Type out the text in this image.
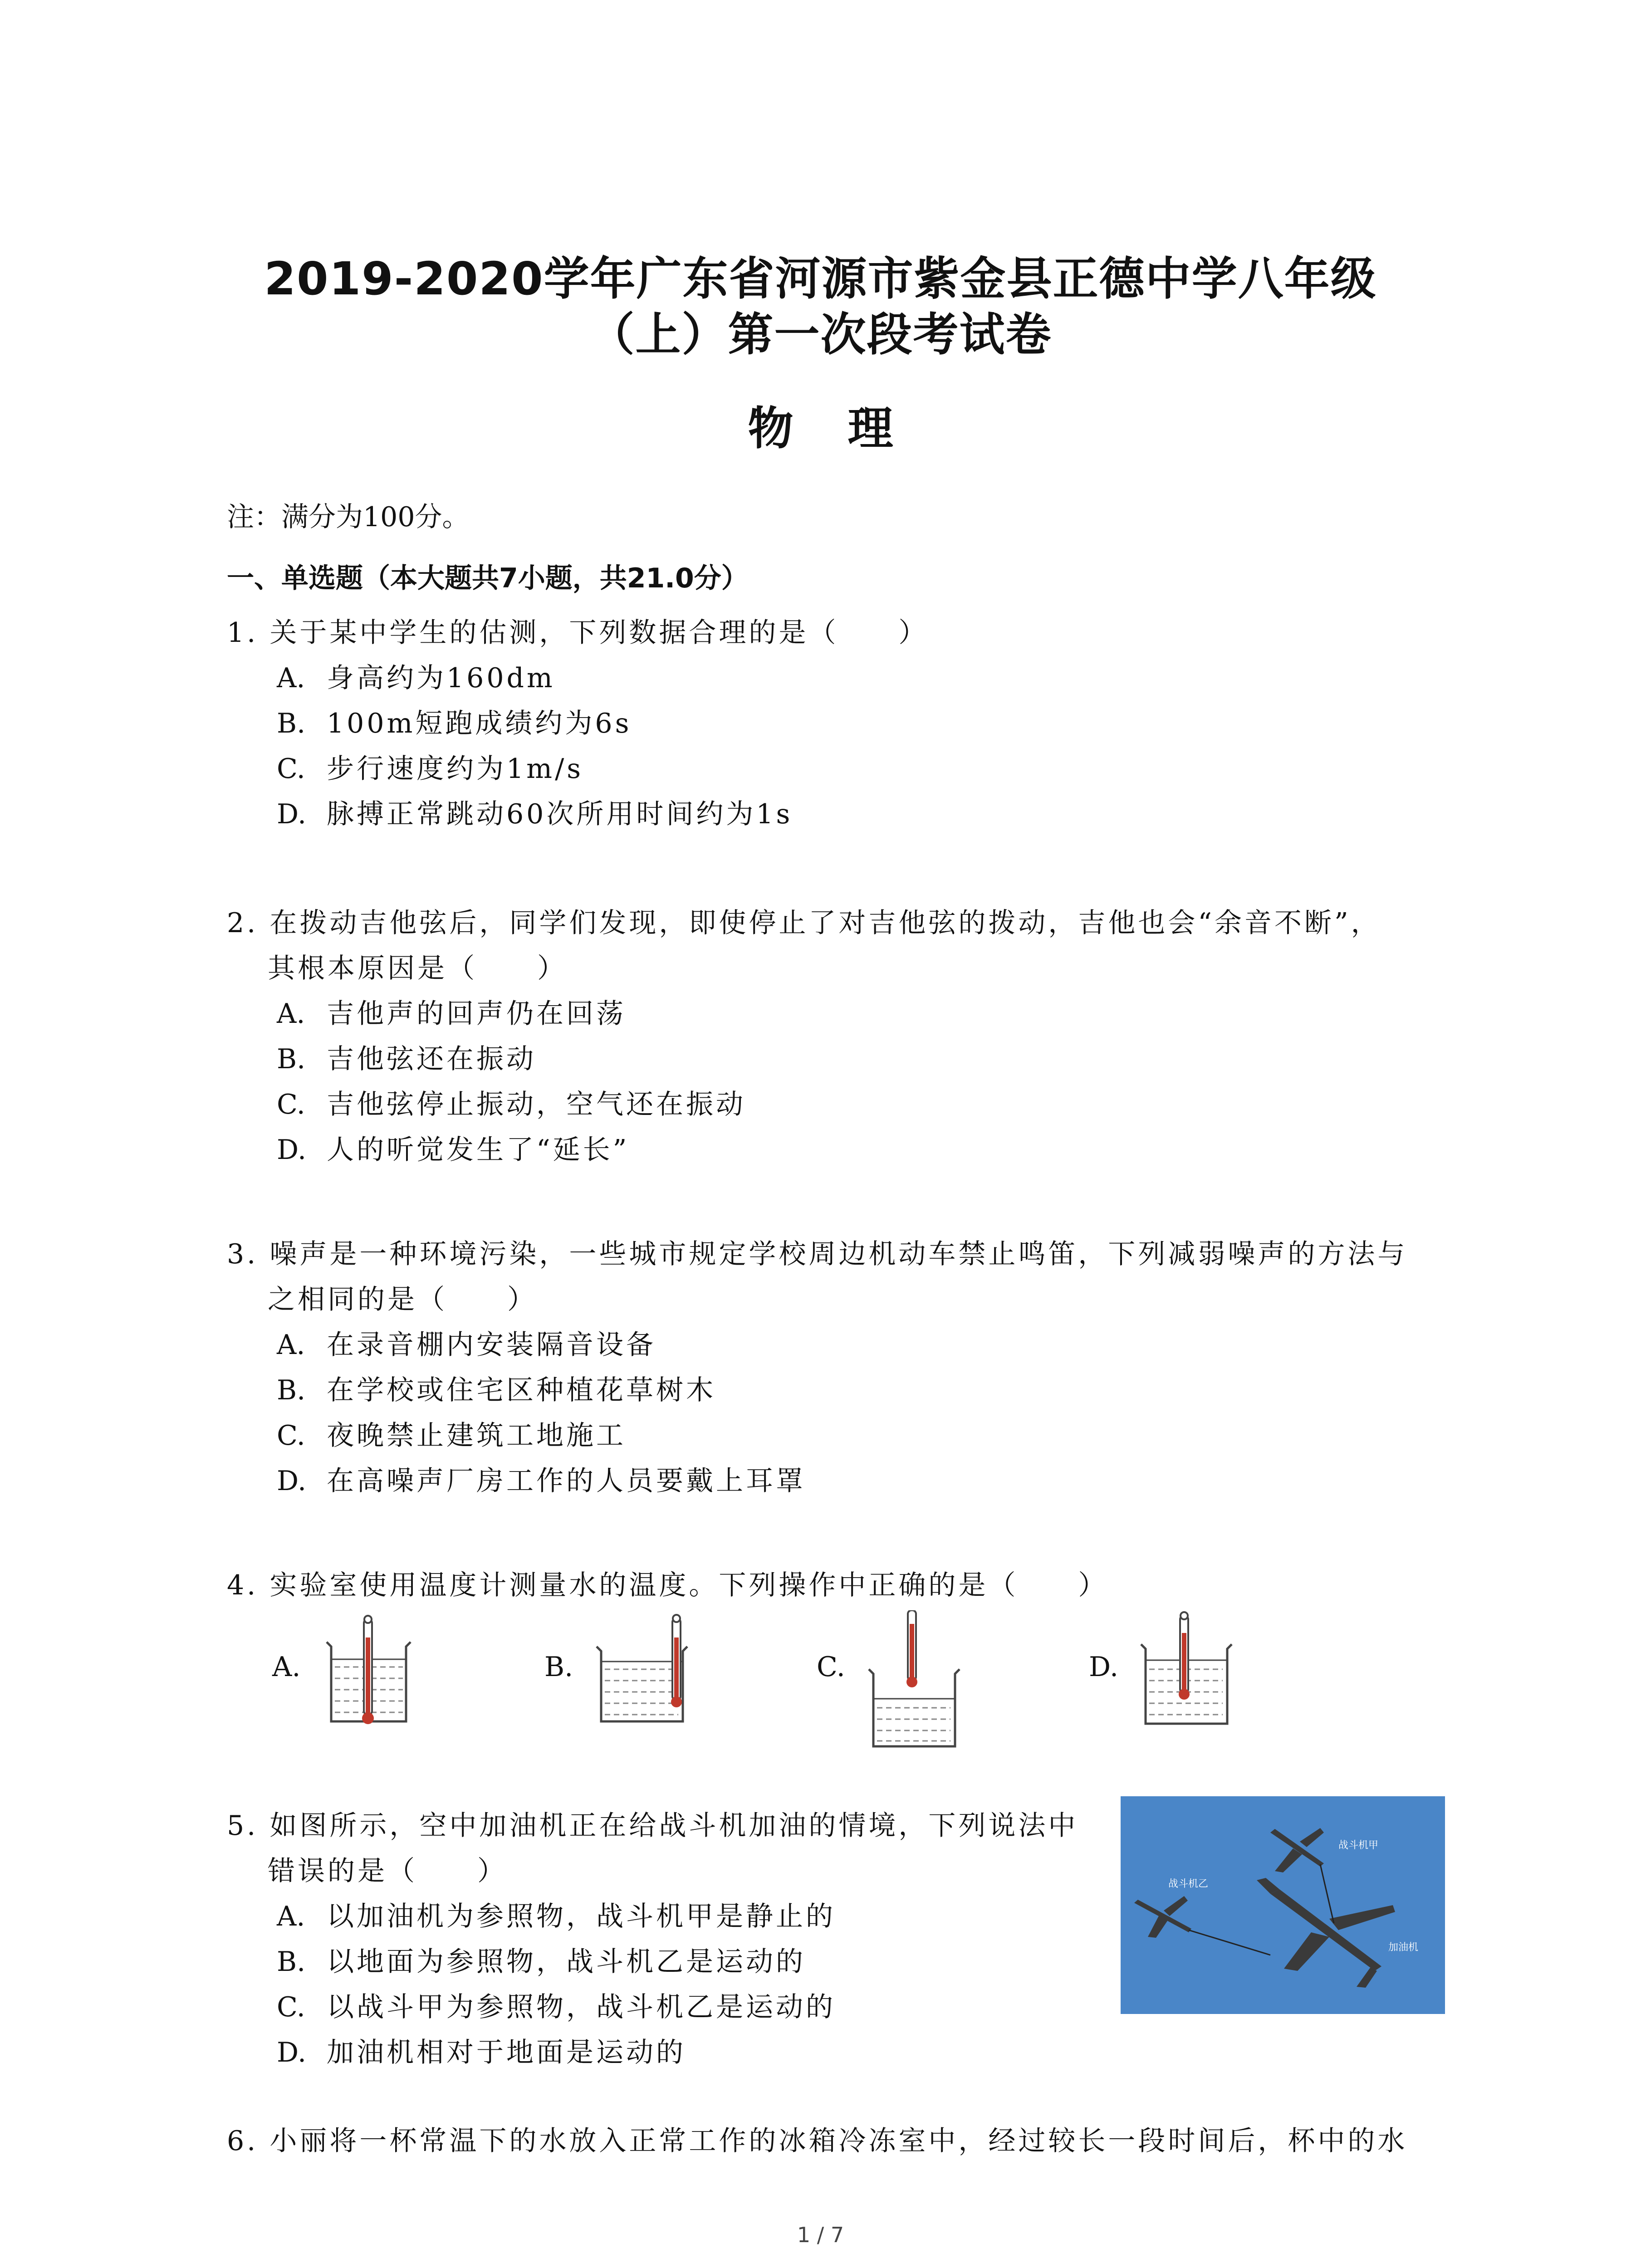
2019-2020学年广东省河源市紫金县正德中学八年级
（上）第一次段考试卷
物理
注：满分为100分。
一、单选题（本大题共7小题，共21.0分）
1. 关于某中学生的估测，下列数据合理的是（　　）
A. 身高约为160dm
B. 100m短跑成绩约为6s
C. 步行速度约为1m/s
D. 脉搏正常跳动60次所用时间约为1s
2. 在拨动吉他弦后，同学们发现，即使停止了对吉他弦的拨动，吉他也会“余音不断”，
其根本原因是（　　）
A. 吉他声的回声仍在回荡
B. 吉他弦还在振动
C. 吉他弦停止振动，空气还在振动
D. 人的听觉发生了“延长”
3. 噪声是一种环境污染，一些城市规定学校周边机动车禁止鸣笛，下列减弱噪声的方法与
之相同的是（　　）
A. 在录音棚内安装隔音设备
B. 在学校或住宅区种植花草树木
C. 夜晚禁止建筑工地施工
D. 在高噪声厂房工作的人员要戴上耳罩
4. 实验室使用温度计测量水的温度。下列操作中正确的是（　　）
A.	B.	C.	D.
5. 如图所示，空中加油机正在给战斗机加油的情境，下列说法中
错误的是（　　）
A. 以加油机为参照物，战斗机甲是静止的
B. 以地面为参照物，战斗机乙是运动的
C. 以战斗甲为参照物，战斗机乙是运动的
D. 加油机相对于地面是运动的
战斗机甲
战斗机乙
加油机
6. 小丽将一杯常温下的水放入正常工作的冰箱冷冻室中，经过较长一段时间后，杯中的水
1 / 7
